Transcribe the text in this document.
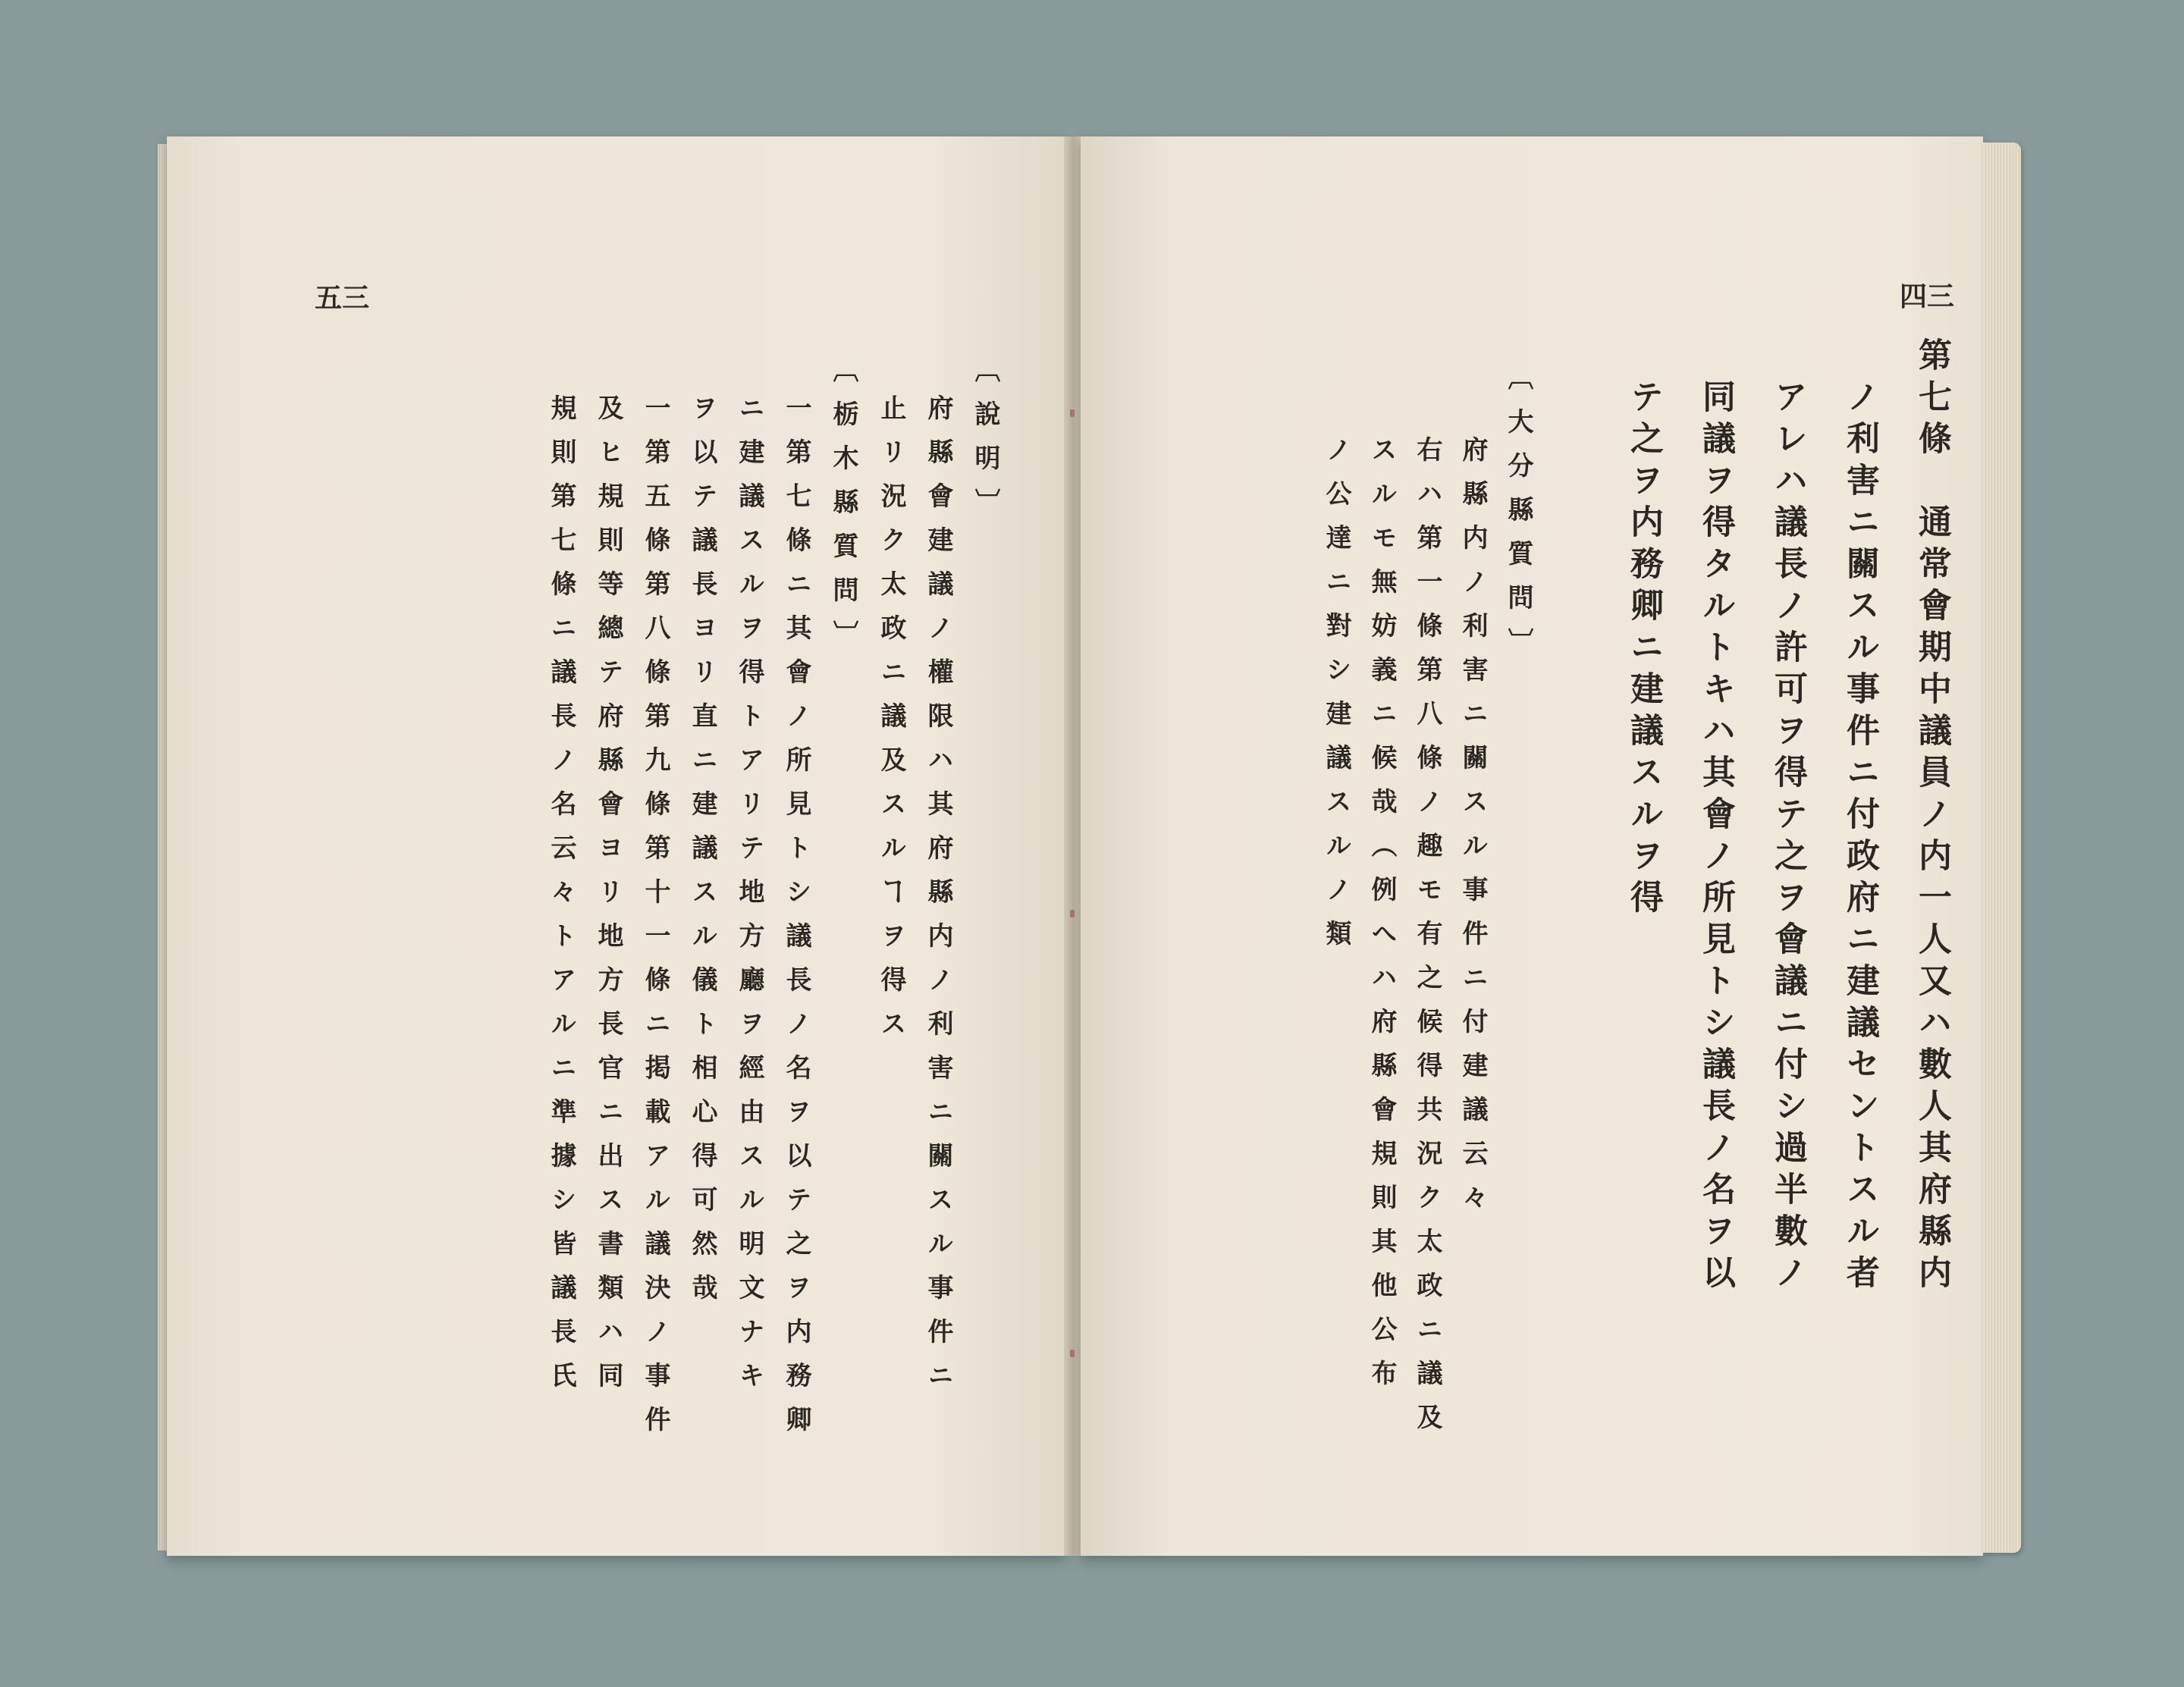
五三
〔說明〕
府縣會建議ノ權限ハ其府縣内ノ利害ニ關スル事件ニ
止リ況ク太政ニ議及スルヿヲ得ス
〔栃木縣質問〕
一第七條ニ其會ノ所見トシ議長ノ名ヲ以テ之ヲ内務卿
ニ建議スルヲ得トアリテ地方廳ヲ經由スル明文ナキ
ヲ以テ議長ヨリ直ニ建議スル儀ト相心得可然哉
一第五條第八條第九條第十一條ニ掲載アル議決ノ事件
及ヒ規則等總テ府縣會ヨリ地方長官ニ出ス書類ハ同
規則第七條ニ議長ノ名云々トアルニ準據シ皆議長氏
四三
第七條　通常會期中議員ノ内一人又ハ數人其府縣内
ノ利害ニ關スル事件ニ付政府ニ建議セントスル者
アレハ議長ノ許可ヲ得テ之ヲ會議ニ付シ過半數ノ
同議ヲ得タルトキハ其會ノ所見トシ議長ノ名ヲ以
テ之ヲ内務卿ニ建議スルヲ得
〔大分縣質問〕
府縣内ノ利害ニ關スル事件ニ付建議云々
右ハ第一條第八條ノ趣モ有之候得共況ク太政ニ議及
スルモ無妨義ニ候哉（例へハ府縣會規則其他公布
ノ公達ニ對シ建議スルノ類
